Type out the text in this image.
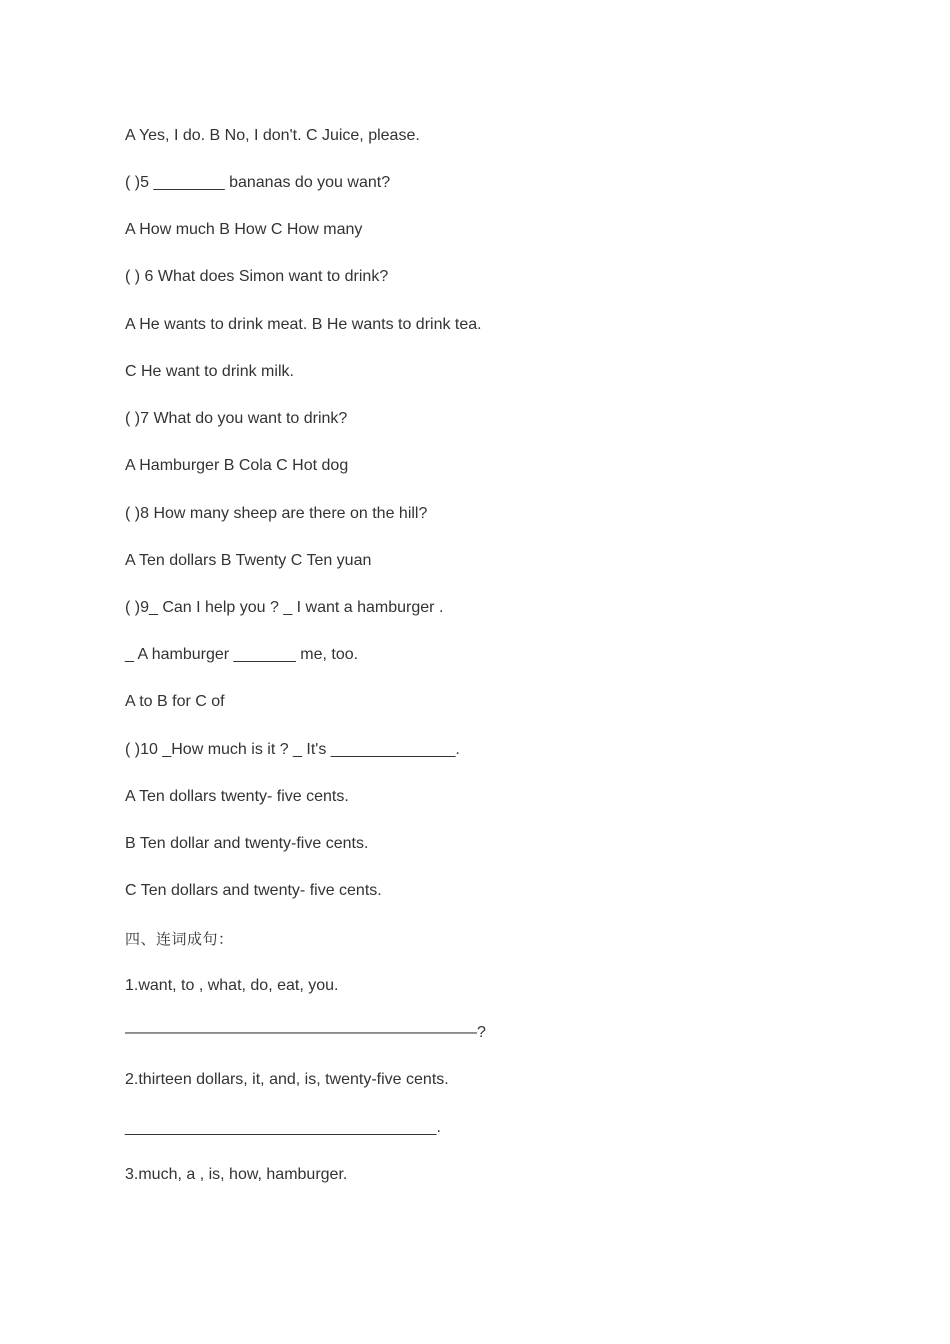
A Yes, I do. B No, I don't. C Juice, please.

( )5 ________ bananas do you want?

A How much B How C How many

( ) 6 What does Simon want to drink?

A He wants to drink meat. B He wants to drink tea.

C He want to drink milk.

( )7 What do you want to drink?

A Hamburger B Cola C Hot dog

( )8 How many sheep are there on the hill?

A Ten dollars B Twenty C Ten yuan

( )9_ Can I help you ? _ I want a hamburger .

_ A hamburger _______ me, too.

A to B for C of

( )10 _How much is it ? _ It's ______________.

A Ten dollars twenty- five cents.

B Ten dollar and twenty-five cents.

C Ten dollars and twenty- five cents.

四、连词成句：

1.want, to , what, do, eat, you.

——————————————————————?

2.thirteen dollars, it, and, is, twenty-five cents.

___________________________________.

3.much, a , is, how, hamburger.
